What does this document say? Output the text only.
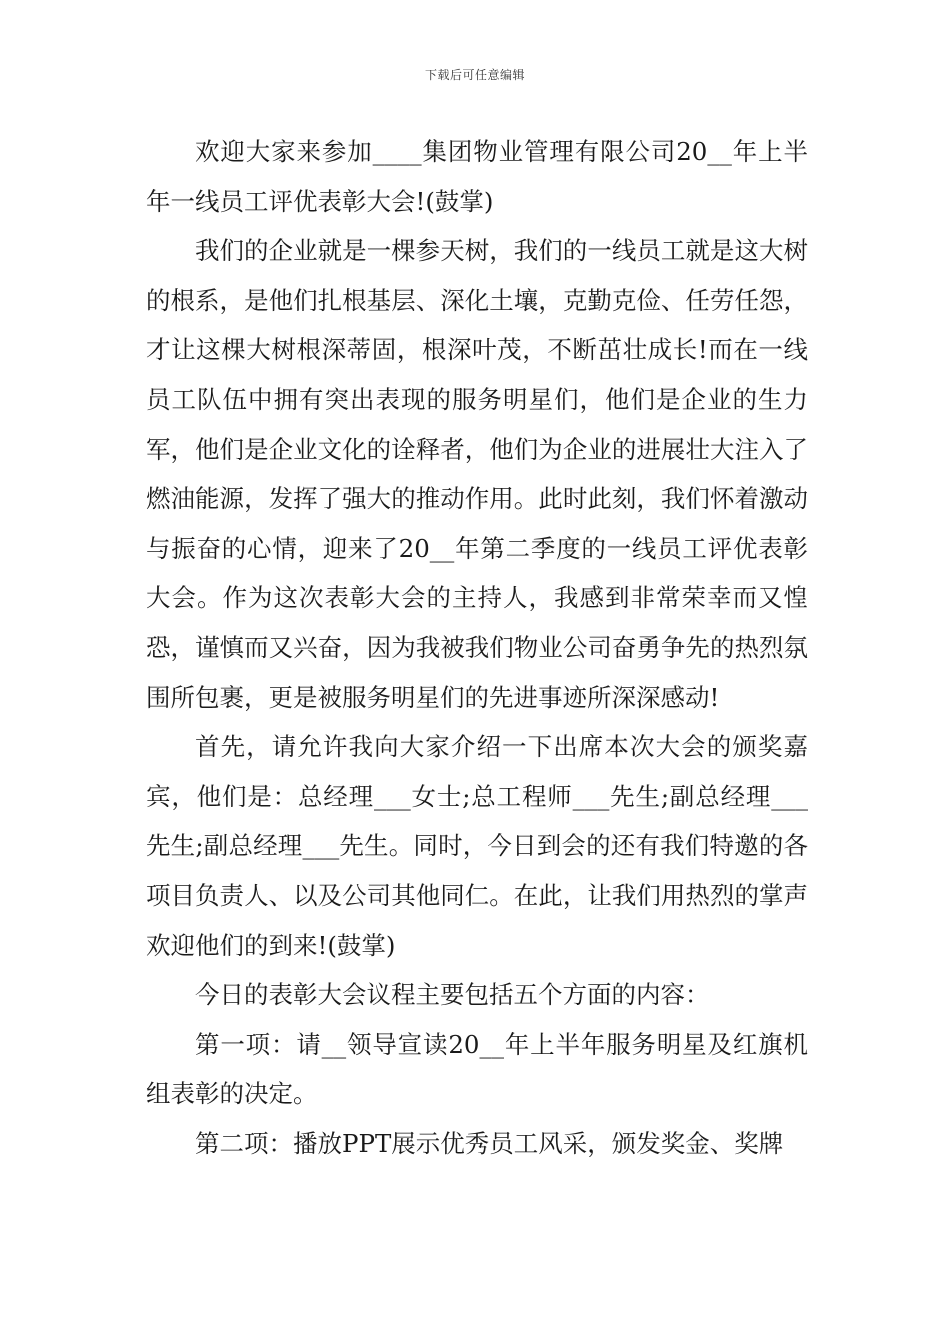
下载后可任意编辑

欢迎大家来参加____集团物业管理有限公司20__年上半年一线员工评优表彰大会!(鼓掌)

我们的企业就是一棵参天树，我们的一线员工就是这大树的根系，是他们扎根基层、深化土壤，克勤克俭、任劳任怨，才让这棵大树根深蒂固，根深叶茂，不断茁壮成长!而在一线员工队伍中拥有突出表现的服务明星们，他们是企业的生力军，他们是企业文化的诠释者，他们为企业的进展壮大注入了燃油能源，发挥了强大的推动作用。此时此刻，我们怀着激动与振奋的心情，迎来了20__年第二季度的一线员工评优表彰大会。作为这次表彰大会的主持人，我感到非常荣幸而又惶恐，谨慎而又兴奋，因为我被我们物业公司奋勇争先的热烈氛围所包裹，更是被服务明星们的先进事迹所深深感动!

首先，请允许我向大家介绍一下出席本次大会的颁奖嘉宾，他们是：总经理___女士;总工程师___先生;副总经理___先生;副总经理___先生。同时，今日到会的还有我们特邀的各项目负责人、以及公司其他同仁。在此，让我们用热烈的掌声欢迎他们的到来!(鼓掌)

今日的表彰大会议程主要包括五个方面的内容：

第一项：请__领导宣读20__年上半年服务明星及红旗机组表彰的决定。

第二项：播放PPT展示优秀员工风采，颁发奖金、奖牌
